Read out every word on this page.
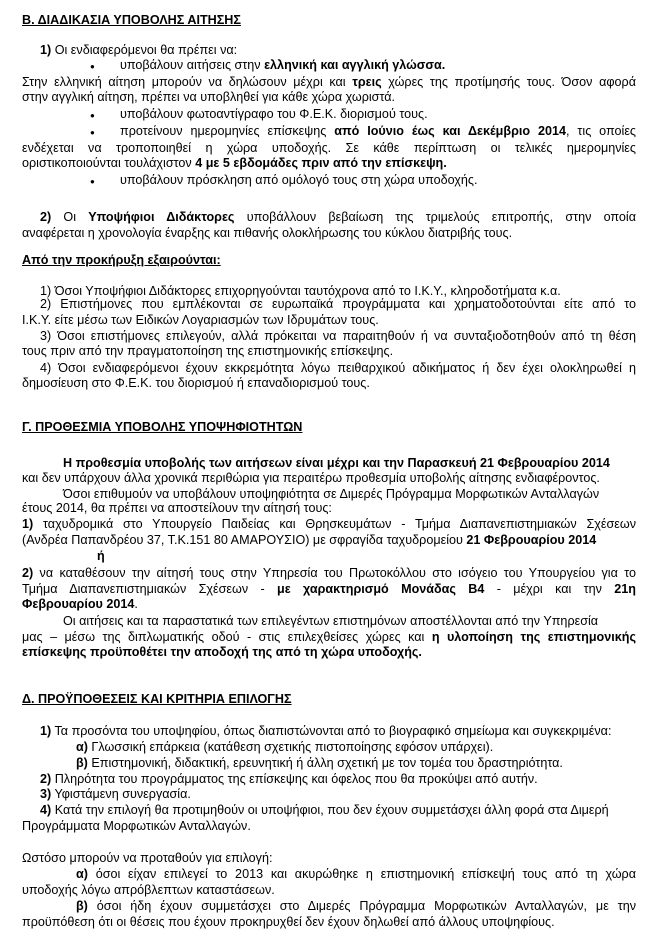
Β. ΔΙΑΔΙΚΑΣΙΑ ΥΠΟΒΟΛΗΣ ΑΙΤΗΣΗΣ
1) Οι ενδιαφερόμενοι θα πρέπει να:
●
υποβάλουν αιτήσεις στην ελληνική και αγγλική γλώσσα.
Στην ελληνική αίτηση μπορούν να δηλώσουν μέχρι και τρεις χώρες της προτίμησής τους. Όσον αφορά
στην αγγλική αίτηση, πρέπει να υποβληθεί για κάθε χώρα χωριστά.
●
υποβάλουν φωτοαντίγραφο του Φ.Ε.Κ. διορισμού τους.
●
προτείνουν ημερομηνίες επίσκεψης από Ιούνιο έως και Δεκέμβριο 2014, τις οποίες
ενδέχεται να τροποποιηθεί η χώρα υποδοχής. Σε κάθε περίπτωση οι τελικές ημερομηνίες
οριστικοποιούνται τουλάχιστον 4 με 5 εβδομάδες πριν από την επίσκεψη.
●
υποβάλουν πρόσκληση από ομόλογό τους στη χώρα υποδοχής.
2) Οι Υποψήφιοι Διδάκτορες υποβάλλουν βεβαίωση της τριμελούς επιτροπής, στην οποία
αναφέρεται η χρονολογία έναρξης και πιθανής ολοκλήρωσης του κύκλου διατριβής τους.
Από την προκήρυξη εξαιρούνται:
1) Όσοι Υποψήφιοι Διδάκτορες επιχορηγούνται ταυτόχρονα από το Ι.Κ.Υ., κληροδοτήματα κ.α.
2) Επιστήμονες που εμπλέκονται σε ευρωπαϊκά προγράμματα και χρηματοδοτούνται είτε από το
Ι.Κ.Υ. είτε μέσω των Ειδικών Λογαριασμών των Ιδρυμάτων τους.
3) Όσοι επιστήμονες επιλεγούν, αλλά πρόκειται να παραιτηθούν ή να συνταξιοδοτηθούν από τη θέση
τους πριν από την πραγματοποίηση της επιστημονικής επίσκεψης.
4) Όσοι ενδιαφερόμενοι έχουν εκκρεμότητα λόγω πειθαρχικού αδικήματος ή δεν έχει ολοκληρωθεί η
δημοσίευση στο Φ.Ε.Κ. του διορισμού ή επαναδιορισμού τους.
Γ. ΠΡΟΘΕΣΜΙΑ ΥΠΟΒΟΛΗΣ ΥΠΟΨΗΦΙΟΤΗΤΩΝ
Η προθεσμία υποβολής των αιτήσεων είναι μέχρι και την Παρασκευή 21 Φεβρουαρίου 2014
και δεν υπάρχουν άλλα χρονικά περιθώρια για περαιτέρω προθεσμία υποβολής αίτησης ενδιαφέροντος.
Όσοι επιθυμούν να υποβάλουν υποψηφιότητα σε Διμερές Πρόγραμμα Μορφωτικών Ανταλλαγών
έτους 2014, θα πρέπει να αποστείλουν την αίτησή τους:
1) ταχυδρομικά στο Υπουργείο Παιδείας και Θρησκευμάτων - Τμήμα Διαπανεπιστημιακών Σχέσεων
(Ανδρέα Παπανδρέου 37, Τ.Κ.151 80 ΑΜΑΡΟΥΣΙΟ) με σφραγίδα ταχυδρομείου 21 Φεβρουαρίου 2014
ή
2) να καταθέσουν την αίτησή τους στην Υπηρεσία του Πρωτοκόλλου στο ισόγειο του Υπουργείου για το
Τμήμα Διαπανεπιστημιακών Σχέσεων - με χαρακτηρισμό Μονάδας Β4 - μέχρι και την 21η
Φεβρουαρίου 2014.
Οι αιτήσεις και τα παραστατικά των επιλεγέντων επιστημόνων αποστέλλονται από την Υπηρεσία
μας – μέσω της διπλωματικής οδού - στις επιλεχθείσες χώρες και η υλοποίηση της επιστημονικής
επίσκεψης προϋποθέτει την αποδοχή της από τη χώρα υποδοχής.
Δ. ΠΡΟΫΠΟΘΕΣΕΙΣ ΚΑΙ ΚΡΙΤΗΡΙΑ ΕΠΙΛΟΓΗΣ
1) Τα προσόντα του υποψηφίου, όπως διαπιστώνονται από το βιογραφικό σημείωμα και συγκεκριμένα:
α) Γλωσσική επάρκεια (κατάθεση σχετικής πιστοποίησης εφόσον υπάρχει).
β) Επιστημονική, διδακτική, ερευνητική ή άλλη σχετική με τον τομέα του δραστηριότητα.
2) Πληρότητα του προγράμματος της επίσκεψης και όφελος που θα προκύψει από αυτήν.
3) Υφιστάμενη συνεργασία.
4) Κατά την επιλογή θα προτιμηθούν οι υποψήφιοι, που δεν έχουν συμμετάσχει άλλη φορά στα Διμερή
Προγράμματα Μορφωτικών Ανταλλαγών.
Ωστόσο μπορούν να προταθούν για επιλογή:
α) όσοι είχαν επιλεγεί το 2013 και ακυρώθηκε η επιστημονική επίσκεψή τους από τη χώρα
υποδοχής λόγω απρόβλεπτων καταστάσεων.
β) όσοι ήδη έχουν συμμετάσχει στο Διμερές Πρόγραμμα Μορφωτικών Ανταλλαγών, με την
προϋπόθεση ότι οι θέσεις που έχουν προκηρυχθεί δεν έχουν δηλωθεί από άλλους υποψηφίους.
